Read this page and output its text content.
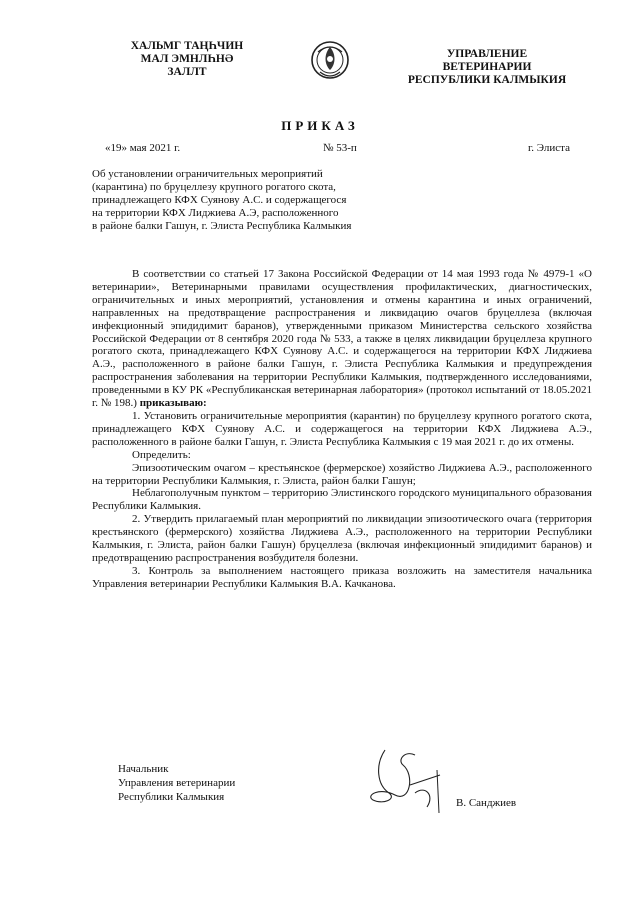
ХАЛЬМГ ТАҢҺЧИН
МАЛ ЭМНЛҺНӘ
ЗАЛЛТ
УПРАВЛЕНИЕ
ВЕТЕРИНАРИИ
РЕСПУБЛИКИ КАЛМЫКИЯ
ПРИКАЗ
«19» мая 2021 г.	№ 53-п	г. Элиста
Об установлении ограничительных мероприятий
(карантина) по бруцеллезу крупного рогатого скота,
принадлежащего КФХ Суянову А.С. и содержащегося
на территории КФХ Лиджиева А.Э, расположенного
в районе балки Гашун, г. Элиста Республика Калмыкия

В соответствии со статьей 17 Закона Российской Федерации от 14 мая 1993 года № 4979-1 «О ветеринарии», Ветеринарными правилами осуществления профилактических, диагностических, ограничительных и иных мероприятий, установления и отмены карантина и иных ограничений, направленных на предотвращение распространения и ликвидацию очагов бруцеллеза (включая инфекционный эпидидимит баранов), утвержденными приказом Министерства сельского хозяйства Российской Федерации от 8 сентября 2020 года № 533, а также в целях ликвидации бруцеллеза крупного рогатого скота, принадлежащего КФХ Суянову А.С. и содержащегося на территории КФХ Лиджиева А.Э., расположенного в районе балки Гашун, г. Элиста Республика Калмыкия и предупреждения распространения заболевания на территории Республики Калмыкия, подтвержденного исследованиями, проведенными в КУ РК «Республиканская ветеринарная лаборатория» (протокол испытаний от 18.05.2021 г. № 198.) приказываю:

1. Установить ограничительные мероприятия (карантин) по бруцеллезу крупного рогатого скота, принадлежащего КФХ Суянову А.С. и содержащегося на территории КФХ Лиджиева А.Э., расположенного в районе балки Гашун, г. Элиста Республика Калмыкия с 19 мая 2021 г. до их отмены.

Определить:

Эпизоотическим очагом – крестьянское (фермерское) хозяйство Лиджиева А.Э., расположенного на территории Республики Калмыкия, г. Элиста, район балки Гашун;

Неблагополучным пунктом – территорию Элистинского городского муниципального образования Республики Калмыкия.

2. Утвердить прилагаемый план мероприятий по ликвидации эпизоотического очага (территория крестьянского (фермерского) хозяйства Лиджиева А.Э., расположенного на территории Республики Калмыкия, г. Элиста, район балки Гашун) бруцеллеза (включая инфекционный эпидидимит баранов) и предотвращению распространения возбудителя болезни.

3. Контроль за выполнением настоящего приказа возложить на заместителя начальника Управления ветеринарии Республики Калмыкия В.А. Качканова.

Начальник
Управления ветеринарии
Республики Калмыкия	В. Санджиев
